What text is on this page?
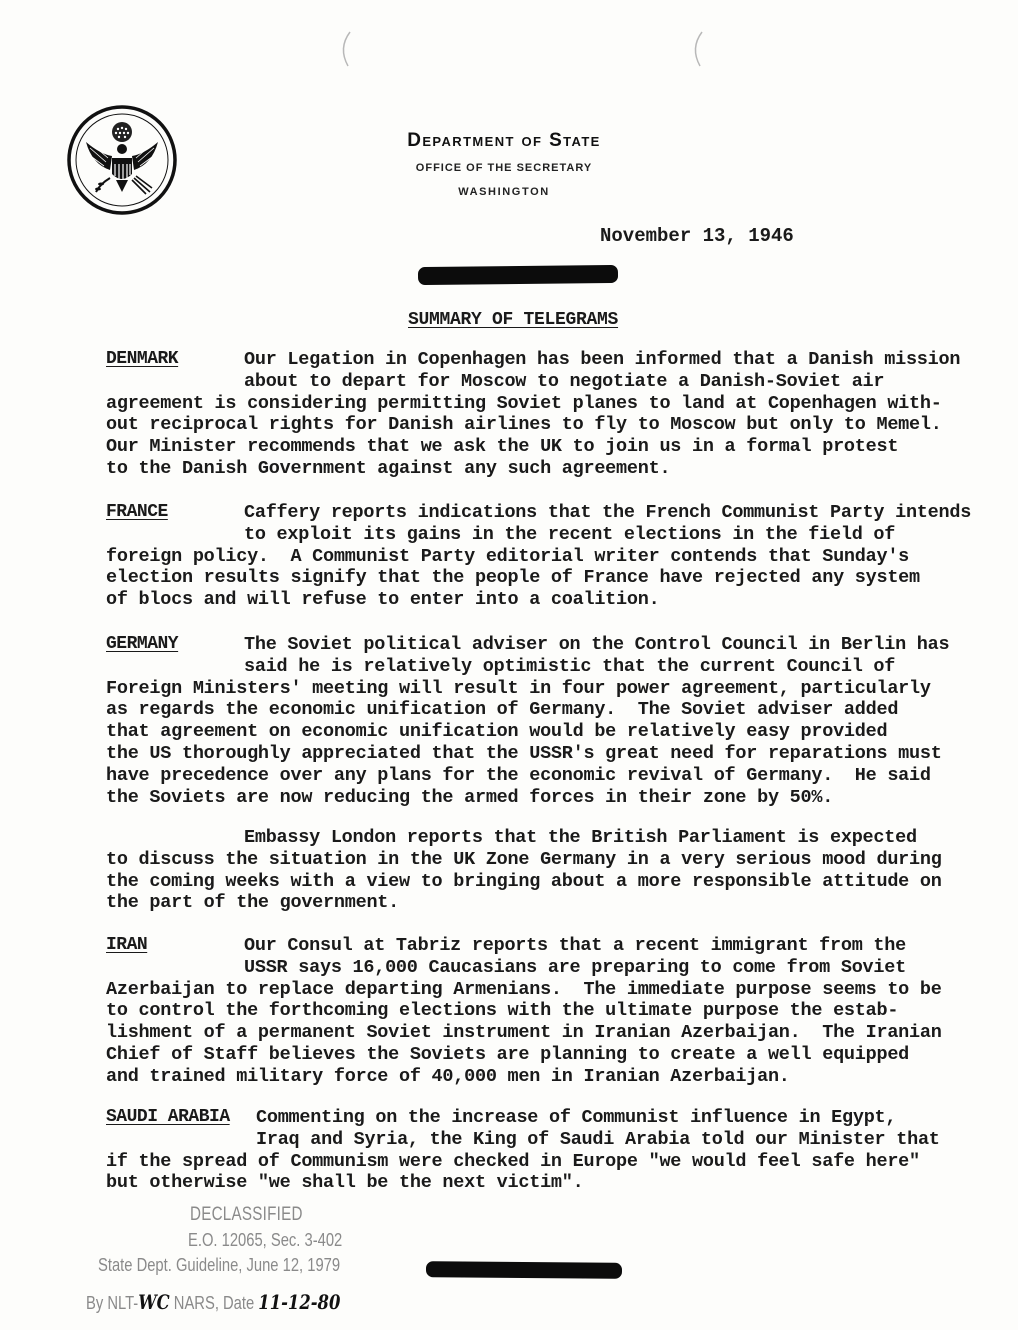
Department of State
OFFICE OF THE SECRETARY
WASHINGTON
November 13, 1946
SUMMARY OF TELEGRAMS
DENMARK	Our Legation in Copenhagen has been informed that a Danish mission
about to depart for Moscow to negotiate a Danish-Soviet air
agreement is considering permitting Soviet planes to land at Copenhagen with-
out reciprocal rights for Danish airlines to fly to Moscow but only to Memel.
Our Minister recommends that we ask the UK to join us in a formal protest
to the Danish Government against any such agreement.
FRANCE	Caffery reports indications that the French Communist Party intends
to exploit its gains in the recent elections in the field of
foreign policy.  A Communist Party editorial writer contends that Sunday's
election results signify that the people of France have rejected any system
of blocs and will refuse to enter into a coalition.
GERMANY	The Soviet political adviser on the Control Council in Berlin has
said he is relatively optimistic that the current Council of
Foreign Ministers' meeting will result in four power agreement, particularly
as regards the economic unification of Germany.  The Soviet adviser added
that agreement on economic unification would be relatively easy provided
the US thoroughly appreciated that the USSR's great need for reparations must
have precedence over any plans for the economic revival of Germany.  He said
the Soviets are now reducing the armed forces in their zone by 50%.
Embassy London reports that the British Parliament is expected
to discuss the situation in the UK Zone Germany in a very serious mood during
the coming weeks with a view to bringing about a more responsible attitude on
the part of the government.
IRAN	Our Consul at Tabriz reports that a recent immigrant from the
USSR says 16,000 Caucasians are preparing to come from Soviet
Azerbaijan to replace departing Armenians.  The immediate purpose seems to be
to control the forthcoming elections with the ultimate purpose the estab-
lishment of a permanent Soviet instrument in Iranian Azerbaijan.  The Iranian
Chief of Staff believes the Soviets are planning to create a well equipped
and trained military force of 40,000 men in Iranian Azerbaijan.
SAUDI ARABIA	Commenting on the increase of Communist influence in Egypt,
Iraq and Syria, the King of Saudi Arabia told our Minister that
if the spread of Communism were checked in Europe "we would feel safe here"
but otherwise "we shall be the next victim".
DECLASSIFIED
E.O. 12065, Sec. 3-402
State Dept. Guideline, June 12, 1979
By NLT-WC NARS, Date 11-12-80
